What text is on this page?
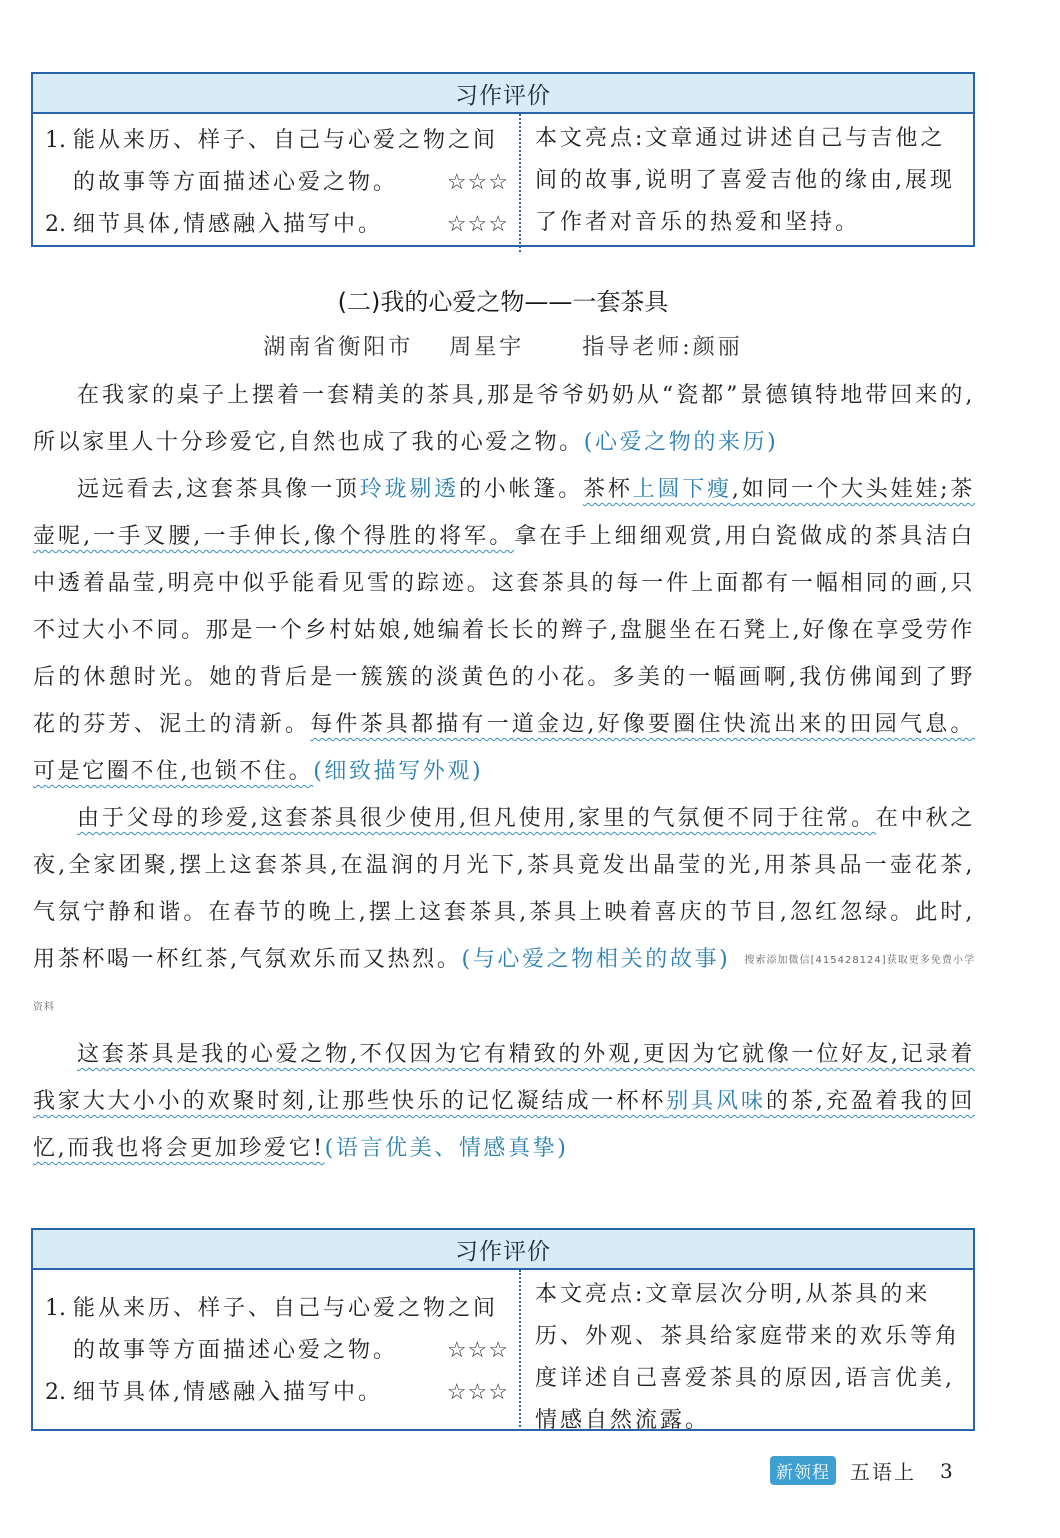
习作评价
1. 能从来历、样子、自己与心爱之物之间
的故事等方面描述心爱之物。 ☆☆☆
2. 细节具体,情感融入描写中。	☆☆☆
本文亮点:文章通过讲述自己与吉他之间的故事,说明了喜爱吉他的缘由,展现了作者对音乐的热爱和坚持。
(二)我的心爱之物——一套茶具
湖南省衡阳市 周星宇	指导老师:颜丽

在我家的桌子上摆着一套精美的茶具,那是爷爷奶奶从“瓷都”景德镇特地带回来的,所以家里人十分珍爱它,自然也成了我的心爱之物。(心爱之物的来历)

远远看去,这套茶具像一顶玲珑剔透的小帐篷。茶杯上圆下瘦,如同一个大头娃娃;茶壶呢,一手叉腰,一手伸长,像个得胜的将军。拿在手上细细观赏,用白瓷做成的茶具洁白中透着晶莹,明亮中似乎能看见雪的踪迹。这套茶具的每一件上面都有一幅相同的画,只不过大小不同。那是一个乡村姑娘,她编着长长的辫子,盘腿坐在石凳上,好像在享受劳作后的休憩时光。她的背后是一簇簇的淡黄色的小花。多美的一幅画啊,我仿佛闻到了野花的芬芳、泥土的清新。每件茶具都描有一道金边,好像要圈住快流出来的田园气息。可是它圈不住,也锁不住。(细致描写外观)

由于父母的珍爱,这套茶具很少使用,但凡使用,家里的气氛便不同于往常。在中秋之夜,全家团聚,摆上这套茶具,在温润的月光下,茶具竟发出晶莹的光,用茶具品一壶花茶,气氛宁静和谐。在春节的晚上,摆上这套茶具,茶具上映着喜庆的节目,忽红忽绿。此时,用茶杯喝一杯红茶,气氛欢乐而又热烈。(与心爱之物相关的故事) 搜索添加微信[415428124]获取更多免费小学资料

这套茶具是我的心爱之物,不仅因为它有精致的外观,更因为它就像一位好友,记录着我家大大小小的欢聚时刻,让那些快乐的记忆凝结成一杯杯别具风味的茶,充盈着我的回忆,而我也将会更加珍爱它!(语言优美、情感真挚)

习作评价
1. 能从来历、样子、自己与心爱之物之间
的故事等方面描述心爱之物。 ☆☆☆
2. 细节具体,情感融入描写中。	☆☆☆
本文亮点:文章层次分明,从茶具的来历、外观、茶具给家庭带来的欢乐等角度详述自己喜爱茶具的原因,语言优美,情感自然流露。
新领程	五语上 3
